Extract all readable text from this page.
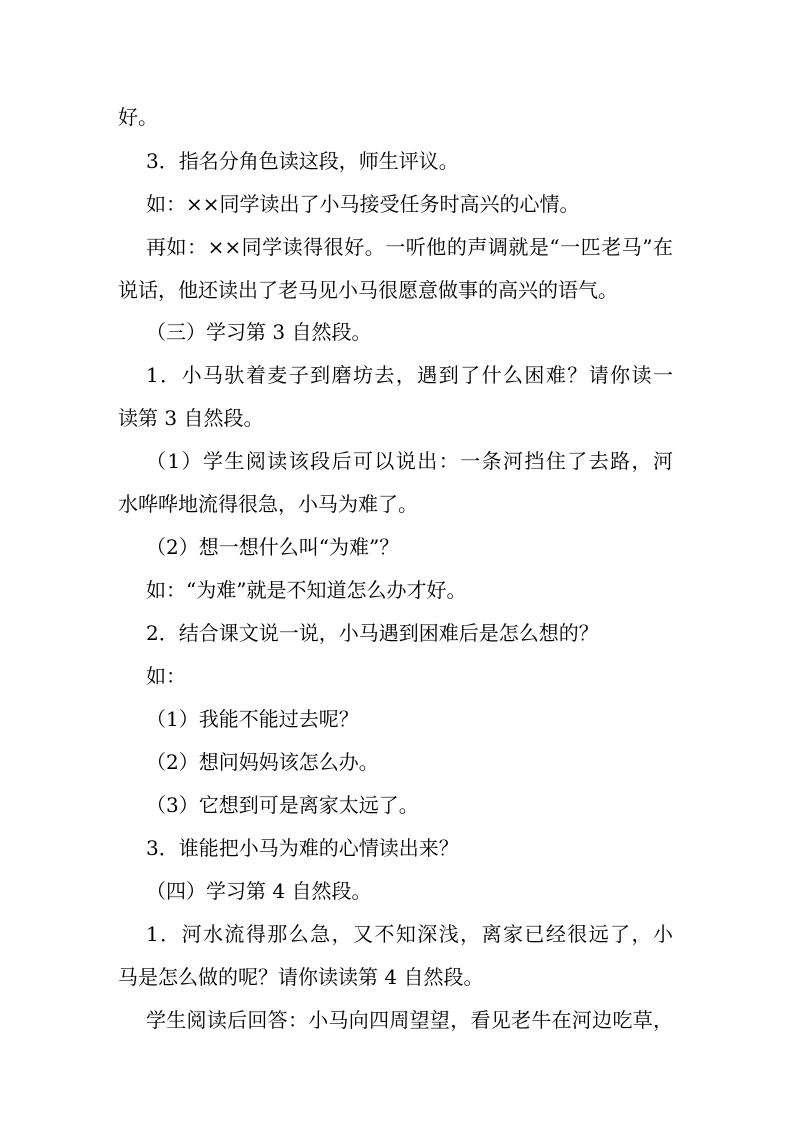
好。
3．指名分角色读这段，师生评议。
如：××同学读出了小马接受任务时高兴的心情。
再如：××同学读得很好。一听他的声调就是“一匹老马”在
说话，他还读出了老马见小马很愿意做事的高兴的语气。
（三）学习第 3 自然段。
1．小马驮着麦子到磨坊去，遇到了什么困难？请你读一
读第 3 自然段。
（1）学生阅读该段后可以说出：一条河挡住了去路，河
水哗哗地流得很急，小马为难了。
（2）想一想什么叫“为难”？
如：“为难”就是不知道怎么办才好。
2．结合课文说一说，小马遇到困难后是怎么想的？
如：
（1）我能不能过去呢？
（2）想问妈妈该怎么办。
（3）它想到可是离家太远了。
3．谁能把小马为难的心情读出来？
（四）学习第 4 自然段。
1．河水流得那么急，又不知深浅，离家已经很远了，小
马是怎么做的呢？请你读读第 4 自然段。
学生阅读后回答：小马向四周望望，看见老牛在河边吃草，
